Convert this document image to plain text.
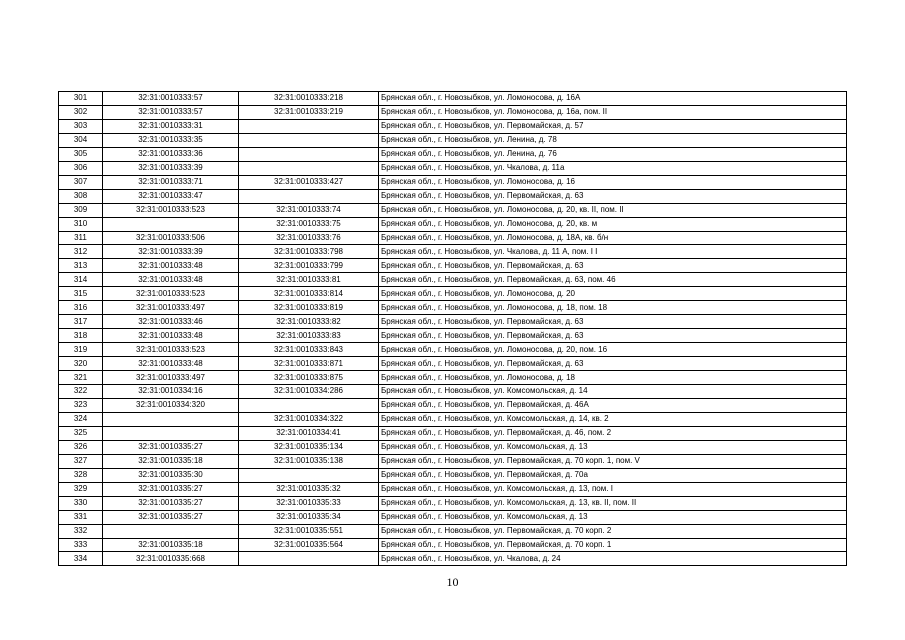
301	32:31:0010333:57	32:31:0010333:218	Брянская обл., г. Новозыбков, ул. Ломоносова, д. 16А
302	32:31:0010333:57	32:31:0010333:219	Брянская обл., г. Новозыбков, ул. Ломоносова, д. 16а, пом. II
303	32:31:0010333:31		Брянская обл., г. Новозыбков, ул. Первомайская, д. 57
304	32:31:0010333:35		Брянская обл., г. Новозыбков, ул. Ленина, д. 78
305	32:31:0010333:36		Брянская обл., г. Новозыбков, ул. Ленина, д. 76
306	32:31:0010333:39		Брянская обл., г. Новозыбков, ул. Чкалова, д. 11а
307	32:31:0010333:71	32:31:0010333:427	Брянская обл., г. Новозыбков, ул. Ломоносова, д. 16
308	32:31:0010333:47		Брянская обл., г. Новозыбков, ул. Первомайская, д. 63
309	32:31:0010333:523	32:31:0010333:74	Брянская обл., г. Новозыбков, ул. Ломоносова, д. 20, кв. II, пом. II
310		32:31:0010333:75	Брянская обл., г. Новозыбков, ул. Ломоносова, д. 20, кв. м
311	32:31:0010333:506	32:31:0010333:76	Брянская обл., г. Новозыбков, ул. Ломоносова, д. 18А, кв. б/н
312	32:31:0010333:39	32:31:0010333:798	Брянская обл., г. Новозыбков, ул. Чкалова, д. 11 А, пом. I I
313	32:31:0010333:48	32:31:0010333:799	Брянская обл., г. Новозыбков, ул. Первомайская, д. 63
314	32:31:0010333:48	32:31:0010333:81	Брянская обл., г. Новозыбков, ул. Первомайская, д. 63, пом. 46
315	32:31:0010333:523	32:31:0010333:814	Брянская обл., г. Новозыбков, ул. Ломоносова, д. 20
316	32:31:0010333:497	32:31:0010333:819	Брянская обл., г. Новозыбков, ул. Ломоносова, д. 18, пом. 18
317	32:31:0010333:46	32:31:0010333:82	Брянская обл., г. Новозыбков, ул. Первомайская, д. 63
318	32:31:0010333:48	32:31:0010333:83	Брянская обл., г. Новозыбков, ул. Первомайская, д. 63
319	32:31:0010333:523	32:31:0010333:843	Брянская обл., г. Новозыбков, ул. Ломоносова, д. 20, пом. 16
320	32:31:0010333:48	32:31:0010333:871	Брянская обл., г. Новозыбков, ул. Первомайская, д. 63
321	32:31:0010333:497	32:31:0010333:875	Брянская обл., г. Новозыбков, ул. Ломоносова, д. 18
322	32:31:0010334:16	32:31:0010334:286	Брянская обл., г. Новозыбков, ул. Комсомольская, д. 14
323	32:31:0010334:320		Брянская обл., г. Новозыбков, ул. Первомайская, д. 46А
324		32:31:0010334:322	Брянская обл., г. Новозыбков, ул. Комсомольская, д. 14, кв. 2
325		32:31:0010334:41	Брянская обл., г. Новозыбков, ул. Первомайская, д. 46, пом. 2
326	32:31:0010335:27	32:31:0010335:134	Брянская обл., г. Новозыбков, ул. Комсомольская, д. 13
327	32:31:0010335:18	32:31:0010335:138	Брянская обл., г. Новозыбков, ул. Первомайская, д. 70 корп. 1, пом. V
328	32:31:0010335:30		Брянская обл., г. Новозыбков, ул. Первомайская, д. 70а
329	32:31:0010335:27	32:31:0010335:32	Брянская обл., г. Новозыбков, ул. Комсомольская, д. 13, пом. I
330	32:31:0010335:27	32:31:0010335:33	Брянская обл., г. Новозыбков, ул. Комсомольская, д. 13, кв. II, пом. II
331	32:31:0010335:27	32:31:0010335:34	Брянская обл., г. Новозыбков, ул. Комсомольская, д. 13
332		32:31:0010335:551	Брянская обл., г. Новозыбков, ул. Первомайская, д. 70 корп. 2
333	32:31:0010335:18	32:31:0010335:564	Брянская обл., г. Новозыбков, ул. Первомайская, д. 70 корп. 1
334	32:31:0010335:668		Брянская обл., г. Новозыбков, ул. Чкалова, д. 24
10
